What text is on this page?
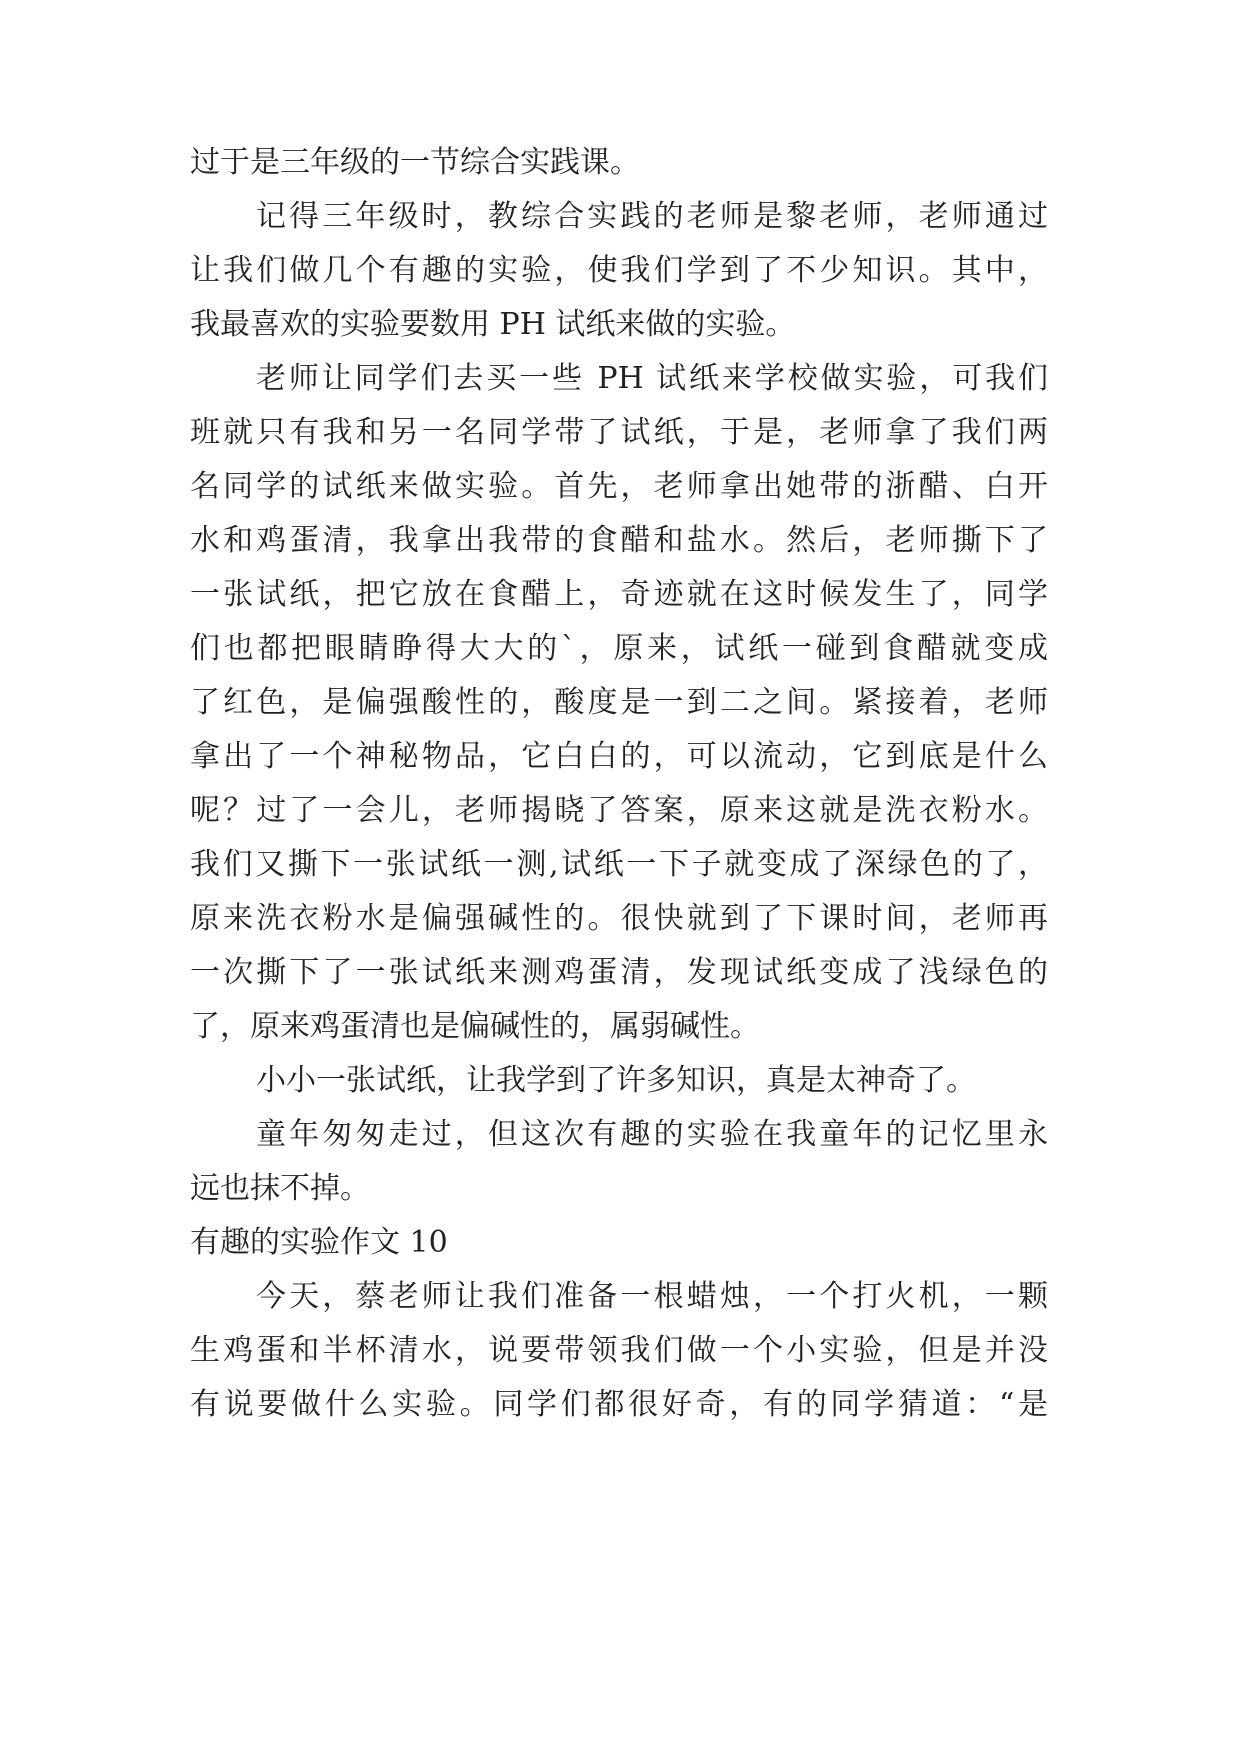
过于是三年级的一节综合实践课。
记得三年级时，教综合实践的老师是黎老师，老师通过
让我们做几个有趣的实验，使我们学到了不少知识。其中，
我最喜欢的实验要数用 PH 试纸来做的实验。
老师让同学们去买一些 PH 试纸来学校做实验，可我们
班就只有我和另一名同学带了试纸，于是，老师拿了我们两
名同学的试纸来做实验。首先，老师拿出她带的浙醋、白开
水和鸡蛋清，我拿出我带的食醋和盐水。然后，老师撕下了
一张试纸，把它放在食醋上，奇迹就在这时候发生了，同学
们也都把眼睛睁得大大的`，原来，试纸一碰到食醋就变成
了红色，是偏强酸性的，酸度是一到二之间。紧接着，老师
拿出了一个神秘物品，它白白的，可以流动，它到底是什么
呢？过了一会儿，老师揭晓了答案，原来这就是洗衣粉水。
我们又撕下一张试纸一测,试纸一下子就变成了深绿色的了，
原来洗衣粉水是偏强碱性的。很快就到了下课时间，老师再
一次撕下了一张试纸来测鸡蛋清，发现试纸变成了浅绿色的
了，原来鸡蛋清也是偏碱性的，属弱碱性。
小小一张试纸，让我学到了许多知识，真是太神奇了。
童年匆匆走过，但这次有趣的实验在我童年的记忆里永
远也抹不掉。
有趣的实验作文 10
今天，蔡老师让我们准备一根蜡烛，一个打火机，一颗
生鸡蛋和半杯清水，说要带领我们做一个小实验，但是并没
有说要做什么实验。同学们都很好奇，有的同学猜道：“是
